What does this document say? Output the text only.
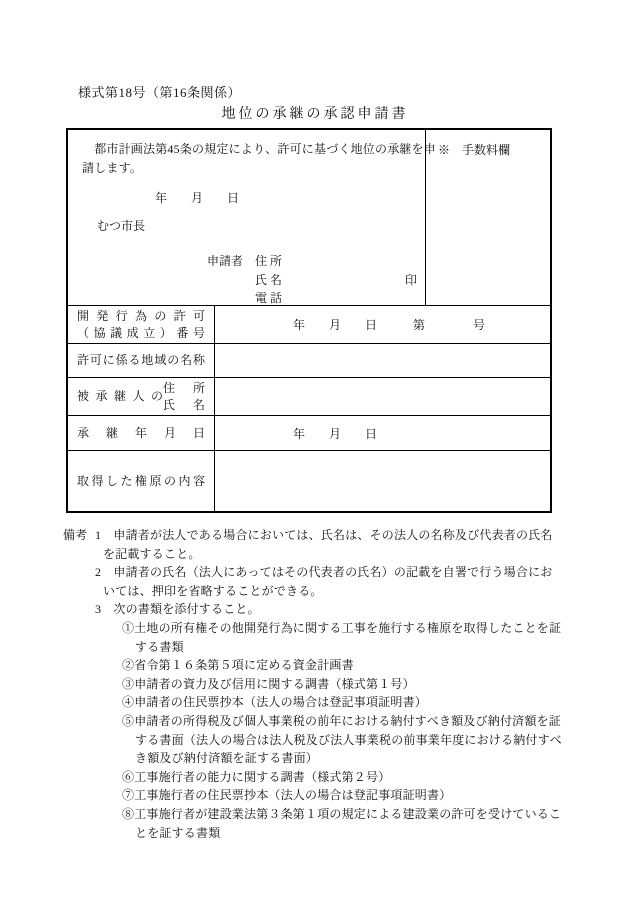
様式第18号（第16条関係）
地位の承継の承認申請書
　都市計画法第45条の規定により、許可に基づく地位の承継を申
請します。
年　　月　　日
むつ市長
申請者 住 所
氏 名	印
電 話
※　手数料欄
開発行為の許可
（協議成立）番号
年　　月　　日　　　第　　　　号
許可に係る地域の名称
被承継人の
住　所
氏　名
承継年月日	年　　月　　日
取得した権原の内容
備考 1　申請者が法人である場合においては、氏名は、その法人の名称及び代表者の氏名
を記載すること。
2　申請者の氏名（法人にあってはその代表者の氏名）の記載を自署で行う場合にお
いては、押印を省略することができる。
3　次の書類を添付すること。
①土地の所有権その他開発行為に関する工事を施行する権原を取得したことを証
する書類
②省令第１６条第５項に定める資金計画書
③申請者の資力及び信用に関する調書（様式第１号）
④申請者の住民票抄本（法人の場合は登記事項証明書）
⑤申請者の所得税及び個人事業税の前年における納付すべき額及び納付済額を証
する書面（法人の場合は法人税及び法人事業税の前事業年度における納付すべ
き額及び納付済額を証する書面）
⑥工事施行者の能力に関する調書（様式第２号）
⑦工事施行者の住民票抄本（法人の場合は登記事項証明書）
⑧工事施行者が建設業法第３条第１項の規定による建設業の許可を受けているこ
とを証する書類
